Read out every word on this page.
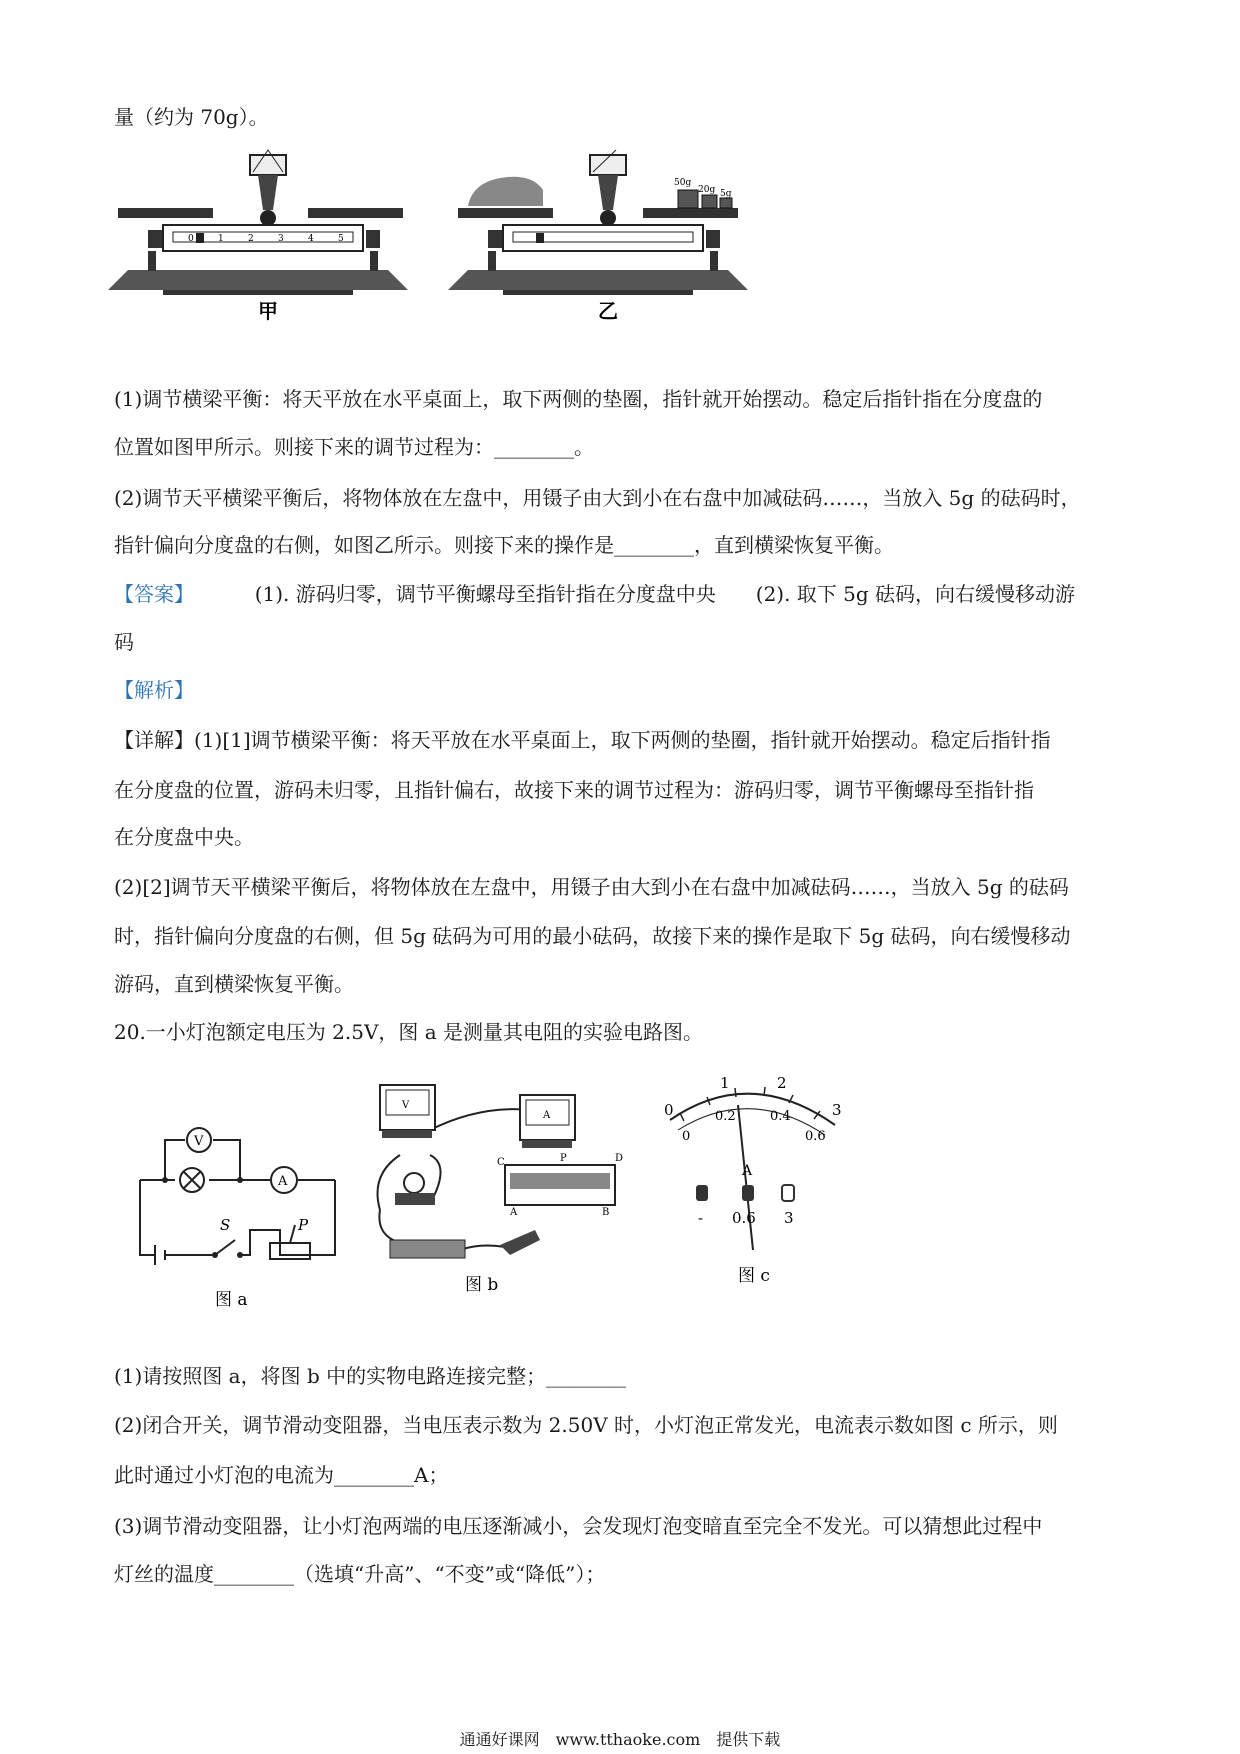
量（约为 70g）。
0	1	2	3	4	5
甲
50g
20g 5g
乙
(1)调节横梁平衡：将天平放在水平桌面上，取下两侧的垫圈，指针就开始摆动。稳定后指针指在分度盘的
位置如图甲所示。则接下来的调节过程为：________。
(2)调节天平横梁平衡后，将物体放在左盘中，用镊子由大到小在右盘中加减砝码……，当放入 5g 的砝码时，
指针偏向分度盘的右侧，如图乙所示。则接下来的操作是________，直到横梁恢复平衡。
【答案】	(1). 游码归零，调节平衡螺母至指针指在分度盘中央　　(2). 取下 5g 砝码，向右缓慢移动游
码
【解析】
【详解】(1)[1]调节横梁平衡：将天平放在水平桌面上，取下两侧的垫圈，指针就开始摆动。稳定后指针指
在分度盘的位置，游码未归零，且指针偏右，故接下来的调节过程为：游码归零，调节平衡螺母至指针指
在分度盘中央。
(2)[2]调节天平横梁平衡后，将物体放在左盘中，用镊子由大到小在右盘中加减砝码……，当放入 5g 的砝码
时，指针偏向分度盘的右侧，但 5g 砝码为可用的最小砝码，故接下来的操作是取下 5g 砝码，向右缓慢移动
游码，直到横梁恢复平衡。
20.一小灯泡额定电压为 2.5V，图 a 是测量其电阻的实验电路图。
V
A
S	P
图 a
V
A
C	D
P
A	B
图 b
0
1	2
3
0
0.2	0.4
0.6
A
- 0.6 3
图 c
(1)请按照图 a，将图 b 中的实物电路连接完整；________
(2)闭合开关，调节滑动变阻器，当电压表示数为 2.50V 时，小灯泡正常发光，电流表示数如图 c 所示，则
此时通过小灯泡的电流为________A；
(3)调节滑动变阻器，让小灯泡两端的电压逐渐减小，会发现灯泡变暗直至完全不发光。可以猜想此过程中
灯丝的温度________（选填“升高”、“不变”或“降低”）；
通通好课网　www.tthaoke.com　提供下载
